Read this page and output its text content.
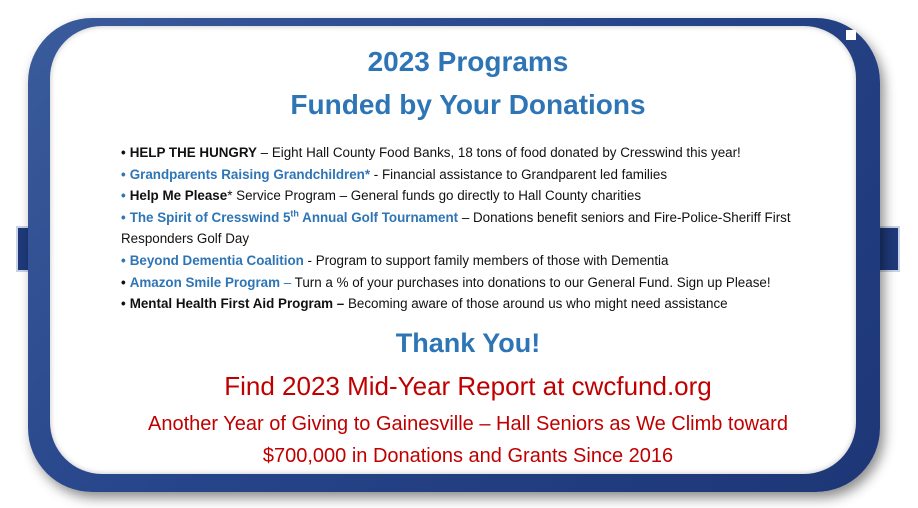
2023 Programs
Funded by Your Donations
• HELP THE HUNGRY – Eight Hall County Food Banks, 18 tons of food donated by Cresswind this year!
• Grandparents Raising Grandchildren* - Financial assistance to Grandparent led families
• Help Me Please* Service Program – General funds go directly to Hall County charities
• The Spirit of Cresswind 5th Annual Golf Tournament – Donations benefit seniors and Fire-Police-Sheriff First Responders Golf Day
• Beyond Dementia Coalition - Program to support family members of those with Dementia
• Amazon Smile Program – Turn a % of your purchases into donations to our General Fund. Sign up Please!
• Mental Health First Aid Program – Becoming aware of those around us who might need assistance
Thank You!

Find 2023 Mid-Year Report at cwcfund.org

Another Year of Giving to Gainesville – Hall Seniors as We Climb toward

$700,000 in Donations and Grants Since 2016
